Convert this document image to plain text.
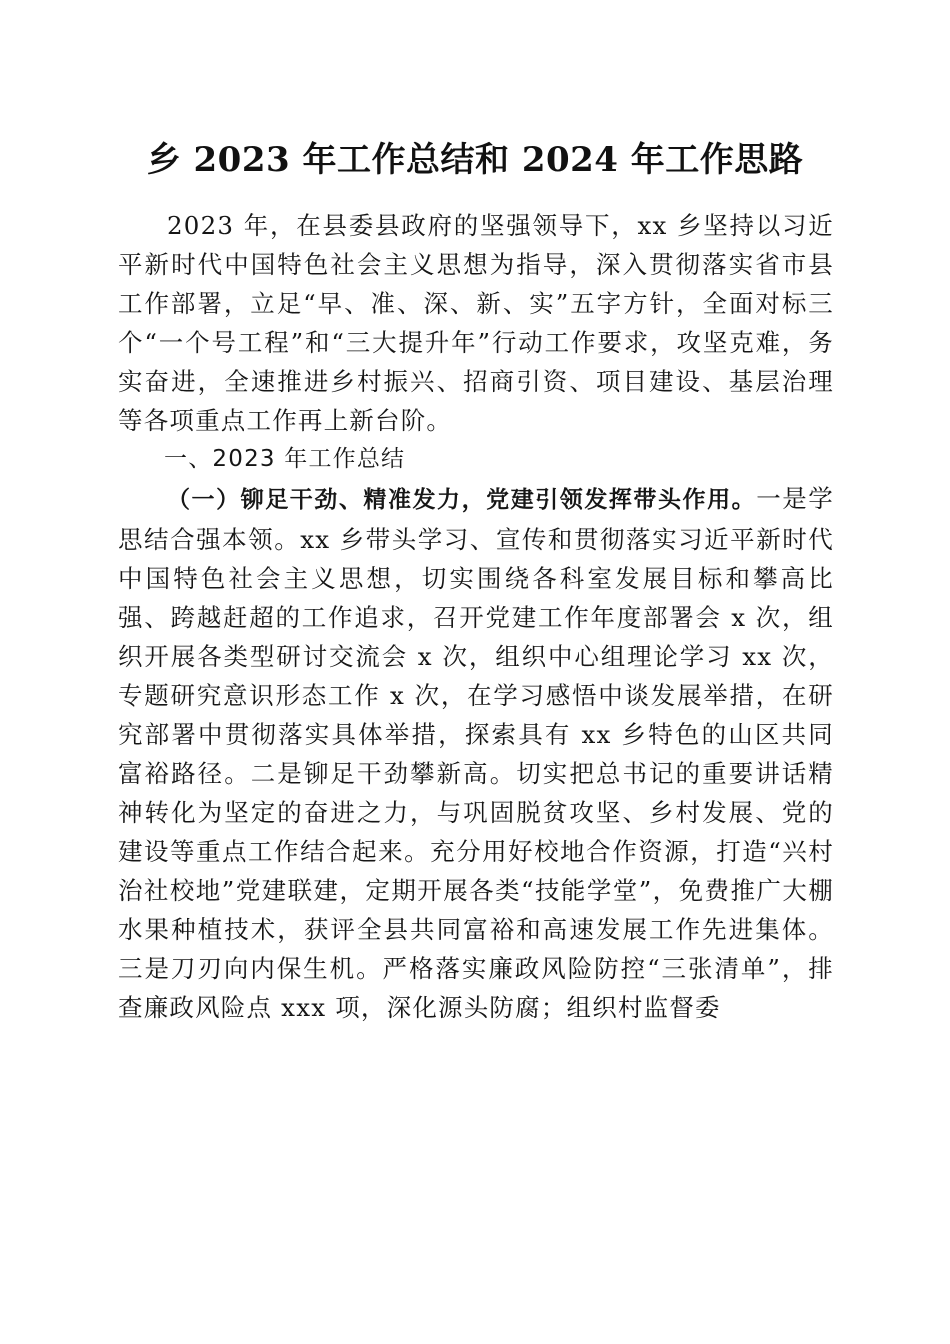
乡 2023 年工作总结和 2024 年工作思路

2023 年，在县委县政府的坚强领导下，xx 乡坚持以习近平新时代中国特色社会主义思想为指导，深入贯彻落实省市县工作部署，立足“早、准、深、新、实”五字方针，全面对标三个“一个号工程”和“三大提升年”行动工作要求，攻坚克难，务实奋进，全速推进乡村振兴、招商引资、项目建设、基层治理等各项重点工作再上新台阶。

一、2023 年工作总结

（一）铆足干劲、精准发力，党建引领发挥带头作用。一是学思结合强本领。xx 乡带头学习、宣传和贯彻落实习近平新时代中国特色社会主义思想，切实围绕各科室发展目标和攀高比强、跨越赶超的工作追求，召开党建工作年度部署会 x 次，组织开展各类型研讨交流会 x 次，组织中心组理论学习 xx 次，专题研究意识形态工作 x 次，在学习感悟中谈发展举措，在研究部署中贯彻落实具体举措，探索具有 xx 乡特色的山区共同富裕路径。二是铆足干劲攀新高。切实把总书记的重要讲话精神转化为坚定的奋进之力，与巩固脱贫攻坚、乡村发展、党的建设等重点工作结合起来。充分用好校地合作资源，打造“兴村治社校地”党建联建，定期开展各类“技能学堂”，免费推广大棚水果种植技术，获评全县共同富裕和高速发展工作先进集体。三是刀刃向内保生机。严格落实廉政风险防控“三张清单”，排查廉政风险点 xxx 项，深化源头防腐；组织村监督委
